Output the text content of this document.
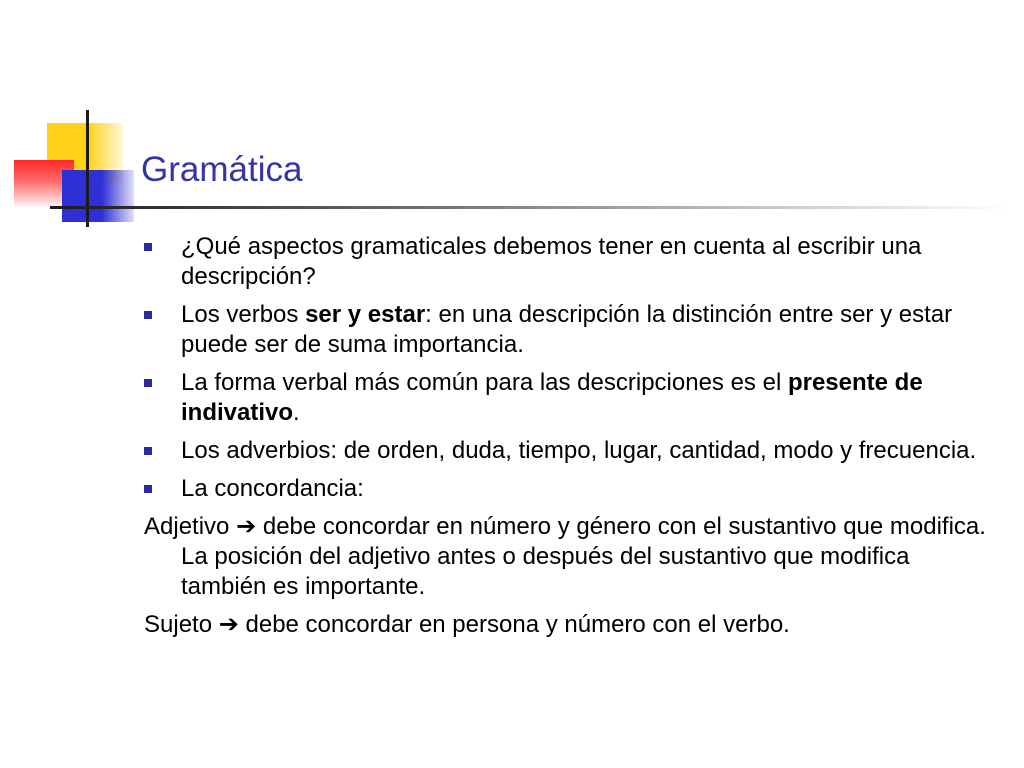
Gramática
¿Qué aspectos gramaticales debemos tener en cuenta al escribir una descripción?
Los verbos ser y estar: en una descripción la distinción entre ser y estar puede ser de suma importancia.
La forma verbal más común para las descripciones es el presente de indivativo.
Los adverbios: de orden, duda, tiempo, lugar, cantidad, modo y frecuencia.
La concordancia:

Adjetivo ➔ debe concordar en número y género con el sustantivo que modifica. La posición del adjetivo antes o después del sustantivo que modifica también es importante.

Sujeto ➔ debe concordar en persona y número con el verbo.
